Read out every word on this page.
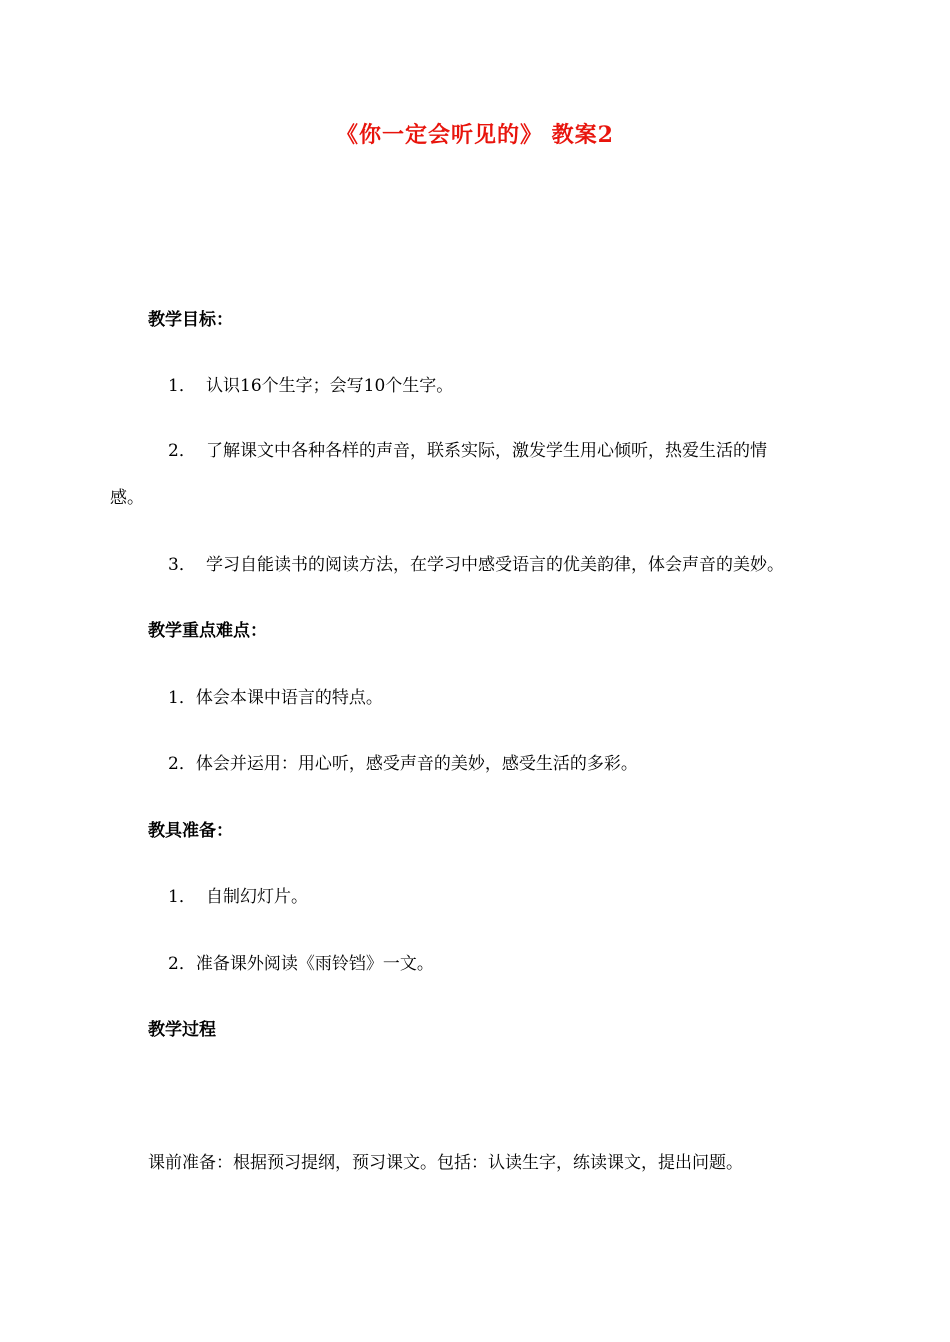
《你一定会听见的》 教案2
教学目标：
1． 认识16个生字；会写10个生字。
2． 了解课文中各种各样的声音，联系实际，激发学生用心倾听，热爱生活的情
感。
3． 学习自能读书的阅读方法，在学习中感受语言的优美韵律，体会声音的美妙。
教学重点难点：
1．体会本课中语言的特点。
2．体会并运用：用心听，感受声音的美妙，感受生活的多彩。
教具准备：
1． 自制幻灯片。
2．准备课外阅读《雨铃铛》一文。
教学过程
课前准备：根据预习提纲，预习课文。包括：认读生字，练读课文，提出问题。
